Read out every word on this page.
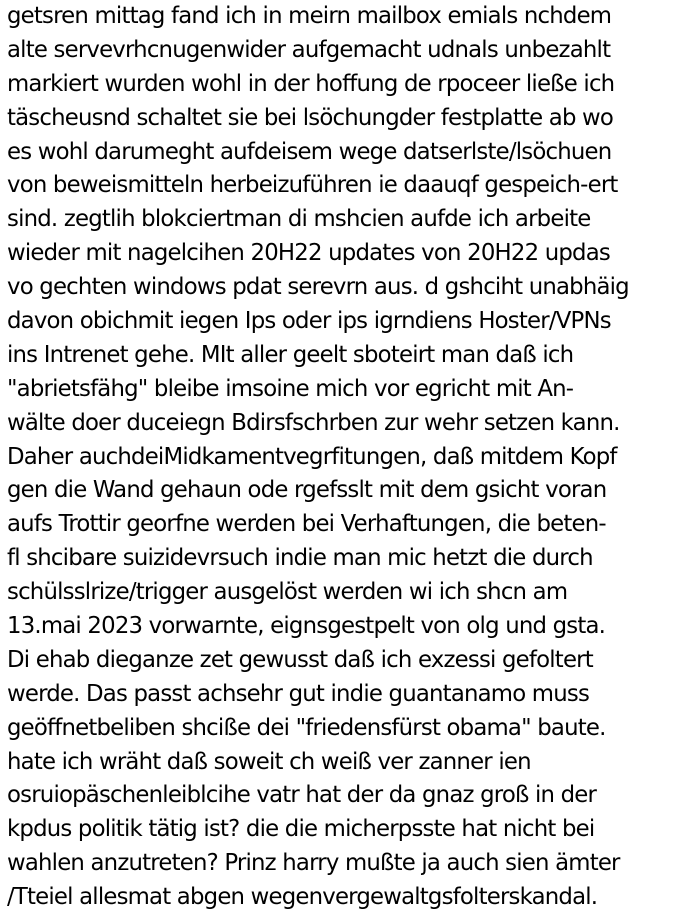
getsren mittag fand ich in meirn mailbox emials nchdem
alte servevrhcnugenwider aufgemacht udnals unbezahlt
markiert wurden wohl in der hoffung de rpoceer ließe ich
täscheusnd schaltet sie bei lsöchungder festplatte ab wo
es wohl darumeght aufdeisem wege datserlste/lsöchuen
von beweismitteln herbeizuführen ie daauqf gespeich-ert
sind. zegtlih blokciertman di mshcien aufde ich arbeite
wieder mit nagelcihen 20H22 updates von 20H22 updas
vo gechten windows pdat serevrn aus. d gshciht unabhäig
davon obichmit iegen Ips oder ips igrndiens Hoster/VPNs
ins Intrenet gehe. MIt aller geelt sboteirt man daß ich
"abrietsfähg" bleibe imsoine mich vor egricht mit An-
wälte doer duceiegn Bdirsfschrben zur wehr setzen kann.
Daher auchdeiMidkamentvegrfitungen, daß mitdem Kopf
gen die Wand gehaun ode rgefsslt mit dem gsicht voran
aufs Trottir georfne werden bei Verhaftungen, die beten-
fl shcibare suizidevrsuch indie man mic hetzt die durch
schülsslrize/trigger ausgelöst werden wi ich shcn am
13.mai 2023 vorwarnte, eignsgestpelt von olg und gsta.
Di ehab dieganze zet gewusst daß ich exzessi gefoltert
werde. Das passt achsehr gut indie guantanamo muss
geöffnetbeliben shciße dei "friedensfürst obama" baute.
hate ich wräht daß soweit ch weiß ver zanner ien
osruiopäschenleiblcihe vatr hat der da gnaz groß in der
kpdus politik tätig ist? die die micherpsste hat nicht bei
wahlen anzutreten? Prinz harry mußte ja auch sien ämter
/Tteiel allesmat abgen wegenvergewaltgsfolterskandal.
